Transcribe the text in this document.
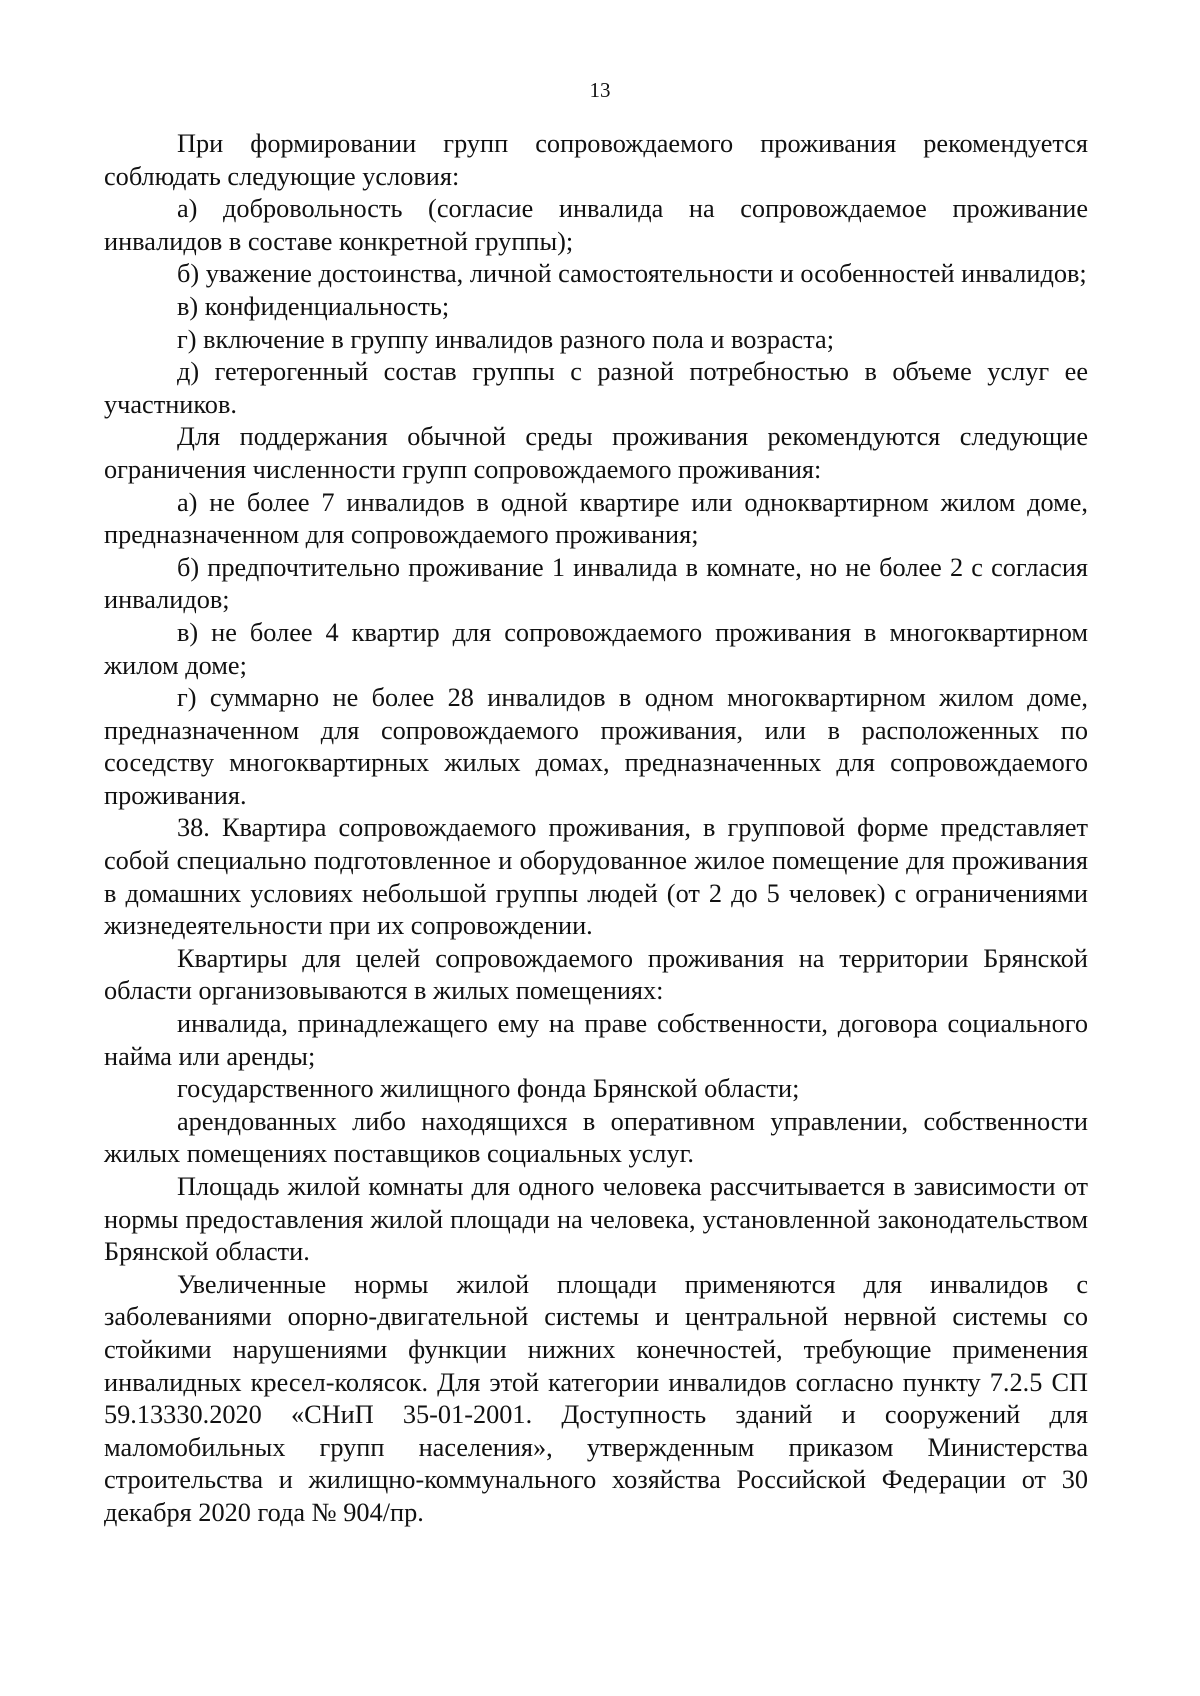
13

При формировании групп сопровождаемого проживания рекомендуется соблюдать следующие условия:

а) добровольность (согласие инвалида на сопровождаемое проживание инвалидов в составе конкретной группы);

б) уважение достоинства, личной самостоятельности и особенностей инвалидов;

в) конфиденциальность;

г) включение в группу инвалидов разного пола и возраста;

д) гетерогенный состав группы с разной потребностью в объеме услуг ее участников.

Для поддержания обычной среды проживания рекомендуются следующие ограничения численности групп сопровождаемого проживания:

а) не более 7 инвалидов в одной квартире или одноквартирном жилом доме, предназначенном для сопровождаемого проживания;

б) предпочтительно проживание 1 инвалида в комнате, но не более 2 с согласия инвалидов;

в) не более 4 квартир для сопровождаемого проживания в многоквартирном жилом доме;

г) суммарно не более 28 инвалидов в одном многоквартирном жилом доме, предназначенном для сопровождаемого проживания, или в расположенных по соседству многоквартирных жилых домах, предназначенных для сопровождаемого проживания.

38. Квартира сопровождаемого проживания, в групповой форме представляет собой специально подготовленное и оборудованное жилое помещение для проживания в домашних условиях небольшой группы людей (от 2 до 5 человек) с ограничениями жизнедеятельности при их сопровождении.

Квартиры для целей сопровождаемого проживания на территории Брянской области организовываются в жилых помещениях:

инвалида, принадлежащего ему на праве собственности, договора социального найма или аренды;

государственного жилищного фонда Брянской области;

арендованных либо находящихся в оперативном управлении, собственности жилых помещениях поставщиков социальных услуг.

Площадь жилой комнаты для одного человека рассчитывается в зависимости от нормы предоставления жилой площади на человека, установленной законодательством Брянской области.

Увеличенные нормы жилой площади применяются для инвалидов с заболеваниями опорно-двигательной системы и центральной нервной системы со стойкими нарушениями функции нижних конечностей, требующие применения инвалидных кресел-колясок. Для этой категории инвалидов согласно пункту 7.2.5 СП 59.13330.2020 «СНиП 35-01-2001. Доступность зданий и сооружений для маломобильных групп населения», утвержденным приказом Министерства строительства и жилищно-коммунального хозяйства Российской Федерации от 30 декабря 2020 года № 904/пр.
